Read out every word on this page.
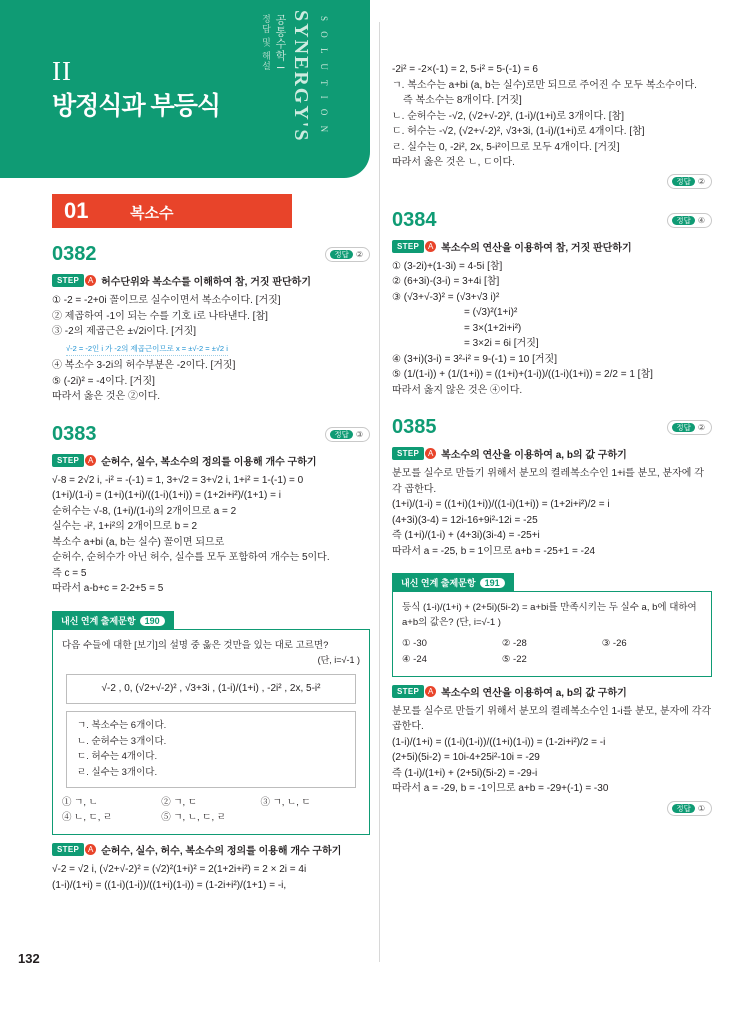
II
방정식과 부등식	SYNERGY'S S O L U T I O N
공통수학 I
정답 및 해설
01	복소수
0382	정답 ②
STEP	A 허수단위와 복소수를 이해하여 참, 거짓 판단하기
① -2 = -2+0i 꼴이므로 실수이면서 복소수이다. [거짓]
② 제곱하여 -1이 되는 수를 기호 i로 나타낸다. [참]
③ -2의 제곱근은 ±√2i이다. [거짓]
√-2 = -2인 i 가 -2의 제곱근이므로 x = ±√-2 = ±√2 i
④ 복소수 3-2i의 허수부분은 -2이다. [거짓]
⑤ (-2i)² = -4이다. [거짓]
따라서 옳은 것은 ②이다.
0383	정답 ③
STEP	A 순허수, 실수, 복소수의 정의를 이용해 개수 구하기
√-8 = 2√2 i, -i² = -(-1) = 1, 3+√2 = 3+√2 i, 1+i² = 1-(-1) = 0
(1+i)/(1-i) = (1+i)(1+i)/((1-i)(1+i)) = (1+2i+i²)/(1+1) = i
순허수는 √-8, (1+i)/(1-i)의 2개이므로 a = 2
실수는 -i², 1+i²의 2개이므로 b = 2
복소수 a+bi (a, b는 실수) 꼴이면 되므로
순허수, 순허수가 아닌 허수, 실수를 모두 포함하여 개수는 5이다.
즉 c = 5
따라서 a-b+c = 2-2+5 = 5
내신 연계 출제문항 190
다음 수들에 대한 [보기]의 설명 중 옳은 것만을 있는 대로 고르면?
(단, i=√-1 )
√-2 , 0, (√2+√-2)² , √3+3i , (1-i)/(1+i) , -2i² , 2x, 5-i²
ㄱ. 복소수는 6개이다.
ㄴ. 순허수는 3개이다.
ㄷ. 허수는 4개이다.
ㄹ. 실수는 3개이다.
① ㄱ, ㄴ	② ㄱ, ㄷ	③ ㄱ, ㄴ, ㄷ
④ ㄴ, ㄷ, ㄹ	⑤ ㄱ, ㄴ, ㄷ, ㄹ
STEP	A 순허수, 실수, 허수, 복소수의 정의를 이용해 개수 구하기
√-2 = √2 i, (√2+√-2)² = (√2)²(1+i)² = 2(1+2i+i²) = 2 × 2i = 4i
(1-i)/(1+i) = ((1-i)(1-i))/((1+i)(1-i)) = (1-2i+i²)/(1+1) = -i,
-2i² = -2×(-1) = 2, 5-i² = 5-(-1) = 6
ㄱ. 복소수는 a+bi (a, b는 실수)로만 되므로 주어진 수 모두 복소수이다.
즉 복소수는 8개이다. [거짓]
ㄴ. 순허수는 -√2, (√2+√-2)², (1-i)/(1+i)로 3개이다. [참]
ㄷ. 허수는 -√2, (√2+√-2)², √3+3i, (1-i)/(1+i)로 4개이다. [참]
ㄹ. 실수는 0, -2i², 2x, 5-i²이므로 모두 4개이다. [거짓]
따라서 옳은 것은 ㄴ, ㄷ이다.
정답 ②
0384	정답 ④
STEP	A 복소수의 연산을 이용하여 참, 거짓 판단하기
① (3-2i)+(1-3i) = 4-5i [참]
② (6+3i)-(3-i) = 3+4i [참]
③ (√3+√-3)² = (√3+√3 i)²
= (√3)²(1+i)²
= 3×(1+2i+i²)
= 3×2i = 6i [거짓]
④ (3+i)(3-i) = 3²-i² = 9-(-1) = 10 [거짓]
⑤ (1/(1-i)) + (1/(1+i)) = ((1+i)+(1-i))/((1-i)(1+i)) = 2/2 = 1 [참]
따라서 옳지 않은 것은 ④이다.
0385	정답 ②
STEP	A 복소수의 연산을 이용하여 a, b의 값 구하기
분모를 실수로 만들기 위해서 분모의 켤레복소수인 1+i를 분모, 분자에 각각 곱한다.
(1+i)/(1-i) = ((1+i)(1+i))/((1-i)(1+i)) = (1+2i+i²)/2 = i
(4+3i)(3-4) = 12i-16+9i²-12i = -25
즉 (1+i)/(1-i) + (4+3i)(3i-4) = -25+i
따라서 a = -25, b = 1이므로 a+b = -25+1 = -24
내신 연계 출제문항 191
등식 (1-i)/(1+i) + (2+5i)(5i-2) = a+bi를 만족시키는 두 실수 a, b에 대하여 a+b의 값은? (단, i=√-1 )
① -30	② -28	③ -26
④ -24	⑤ -22
STEP	A 복소수의 연산을 이용하여 a, b의 값 구하기
분모를 실수로 만들기 위해서 분모의 켤레복소수인 1-i를 분모, 분자에 각각 곱한다.
(1-i)/(1+i) = ((1-i)(1-i))/((1+i)(1-i)) = (1-2i+i²)/2 = -i
(2+5i)(5i-2) = 10i-4+25i²-10i = -29
즉 (1-i)/(1+i) + (2+5i)(5i-2) = -29-i
따라서 a = -29, b = -1이므로 a+b = -29+(-1) = -30
정답 ①
132
